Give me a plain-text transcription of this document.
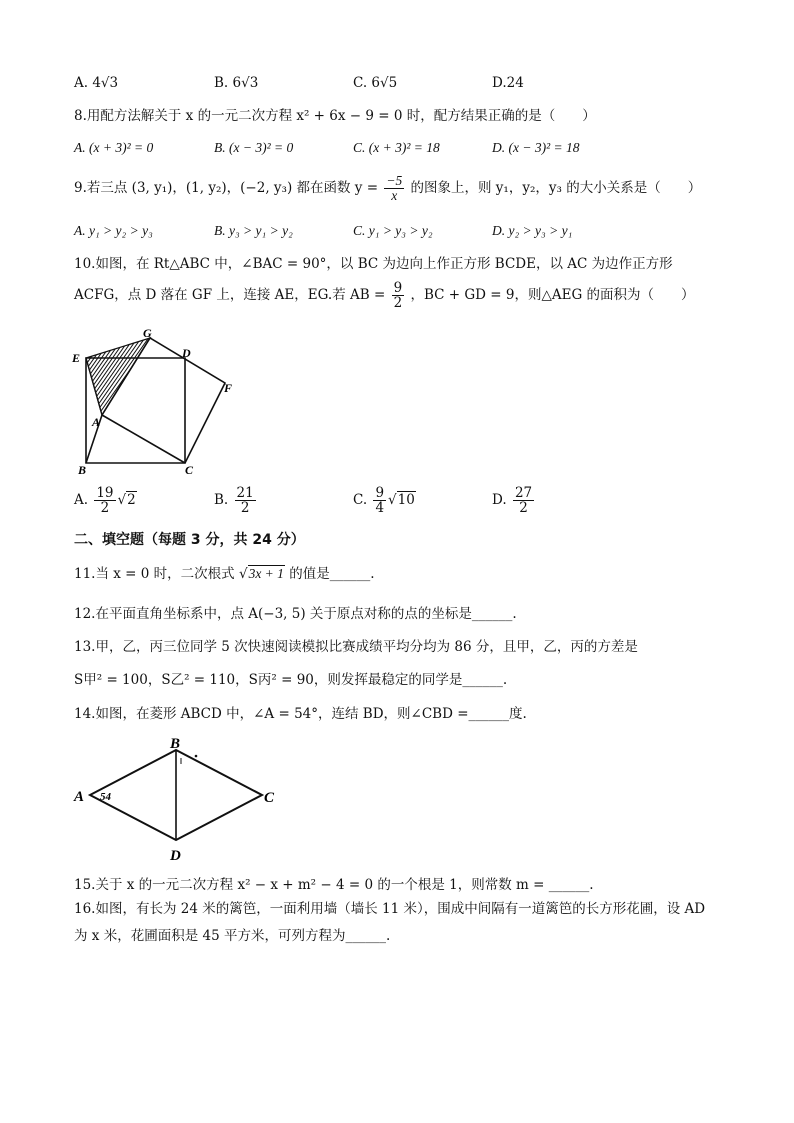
A. 4√3	B. 6√3	C. 6√5	D.24
8.用配方法解关于 x 的一元二次方程 x² + 6x − 9 = 0 时，配方结果正确的是（　　）
A. (x + 3)² = 0	B. (x − 3)² = 0	C. (x + 3)² = 18	D. (x − 3)² = 18
9.若三点 (3, y₁)，(1, y₂)，(−2, y₃) 都在函数 $y = \frac{-5}{x}$ 的图象上，则 y₁，y₂，y₃ 的大小关系是（　　）
A. y₁ > y₂ > y₃	B. y₃ > y₁ > y₂	C. y₁ > y₃ > y₂	D. y₂ > y₃ > y₁
10.如图，在 Rt△ABC 中，∠BAC = 90°，以 BC 为边向上作正方形 BCDE，以 AC 为边作正方形
ACFG，点 D 落在 GF 上，连接 AE，EG.若 AB = $\frac{9}{2}$ ，BC + GD = 9，则△AEG 的面积为（　　）
G
E	D
F
A
B	C
A. $\frac{19}{2} √2$	B. $\frac{21}{2}$	C. $\frac{9}{4} √10$	D. $\frac{27}{2}$
二、填空题（每题 3 分，共 24 分）
11.当 x = 0 时，二次根式 √3x + 1 的值是______.
12.在平面直角坐标系中，点 A(−3, 5) 关于原点对称的点的坐标是______.
13.甲，乙，丙三位同学 5 次快速阅读模拟比赛成绩平均分均为 86 分，且甲，乙，丙的方差是
S甲² = 100，S乙² = 110，S丙² = 90，则发挥最稳定的同学是______.
14.如图，在菱形 ABCD 中，∠A = 54°，连结 BD，则∠CBD =______度.
A
B
C
D
54
15.关于 x 的一元二次方程 x² − x + m² − 4 = 0 的一个根是 1，则常数 m = ______.
16.如图，有长为 24 米的篱笆，一面利用墙（墙长 11 米），围成中间隔有一道篱笆的长方形花圃，设 AD
为 x 米，花圃面积是 45 平方米，可列方程为______.
